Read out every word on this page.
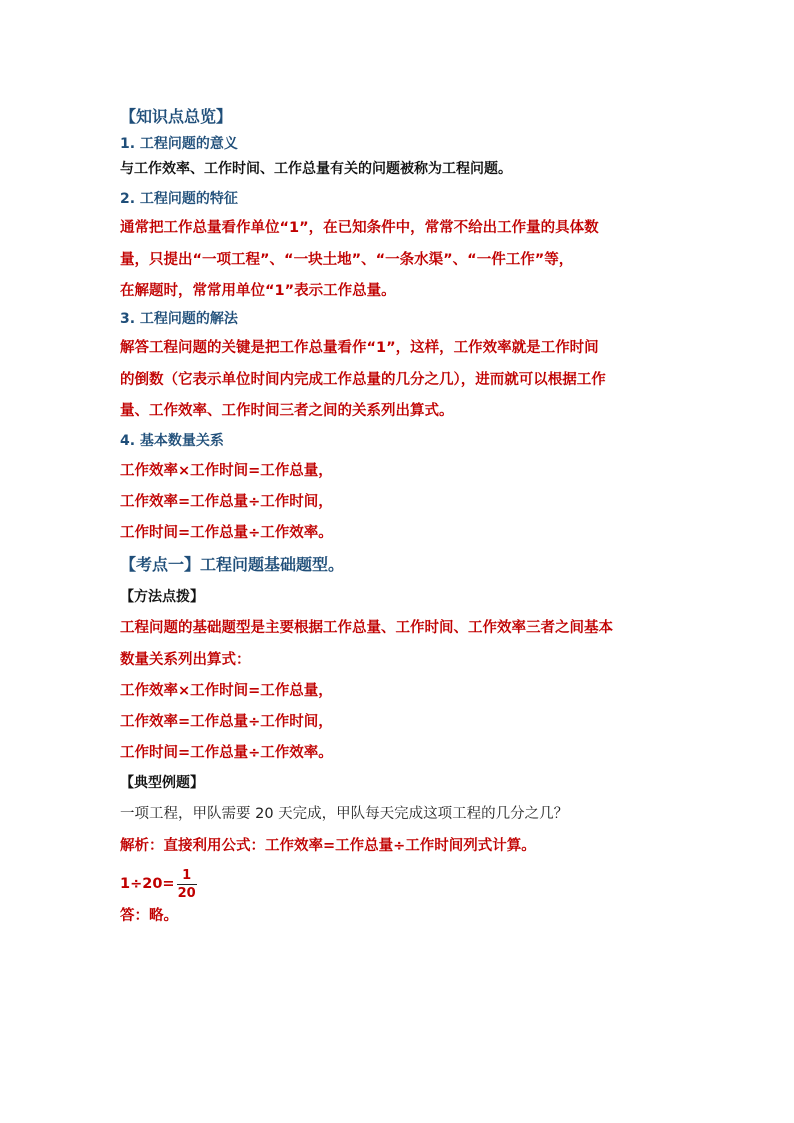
【知识点总览】

1. 工程问题的意义

与工作效率、工作时间、工作总量有关的问题被称为工程问题。

2. 工程问题的特征

通常把工作总量看作单位“1”，在已知条件中，常常不给出工作量的具体数

量，只提出“一项工程”、“一块土地”、“一条水渠”、“一件工作”等，

在解题时，常常用单位“1”表示工作总量。

3. 工程问题的解法

解答工程问题的关键是把工作总量看作“1”，这样，工作效率就是工作时间

的倒数（它表示单位时间内完成工作总量的几分之几），进而就可以根据工作

量、工作效率、工作时间三者之间的关系列出算式。

4. 基本数量关系

工作效率×工作时间=工作总量，

工作效率=工作总量÷工作时间，

工作时间=工作总量÷工作效率。

【考点一】工程问题基础题型。

【方法点拨】

工程问题的基础题型是主要根据工作总量、工作时间、工作效率三者之间基本

数量关系列出算式：

工作效率×工作时间=工作总量，

工作效率=工作总量÷工作时间，

工作时间=工作总量÷工作效率。

【典型例题】

一项工程，甲队需要 20 天完成，甲队每天完成这项工程的几分之几？

解析：直接利用公式：工作效率=工作总量÷工作时间列式计算。

$1\div 20= \frac{1}{20}$

答：略。
